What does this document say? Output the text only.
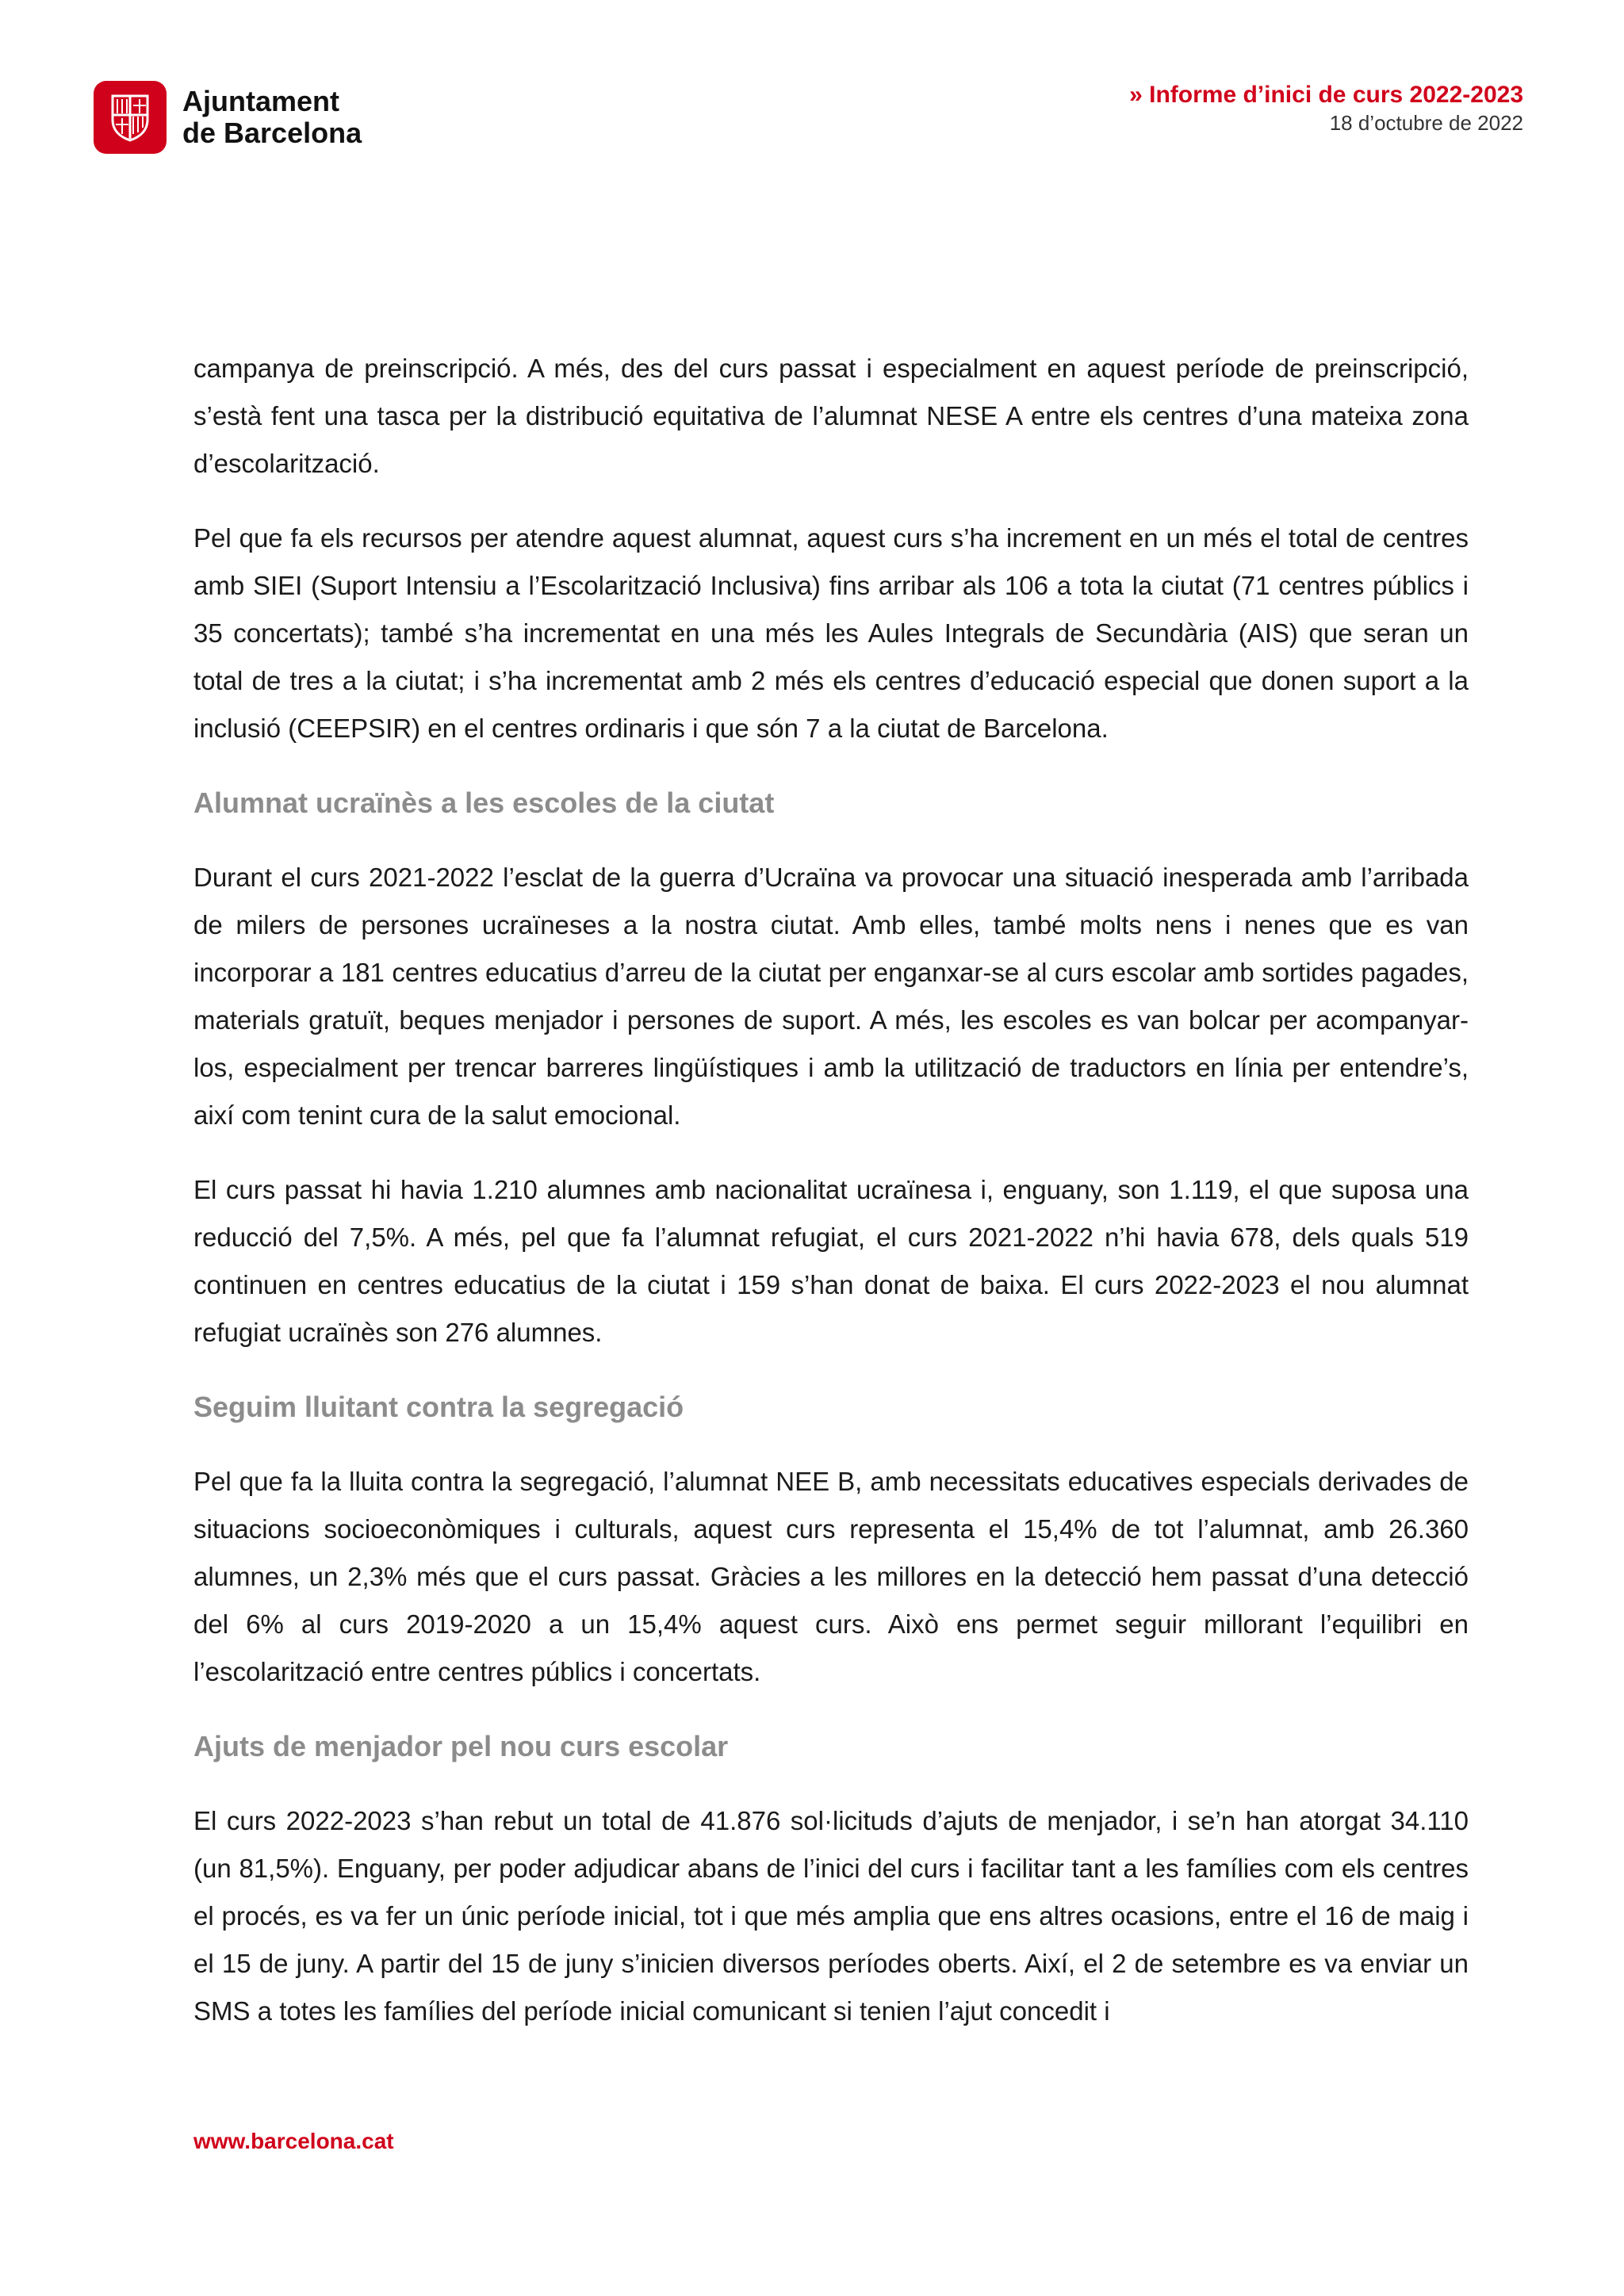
Ajuntament
de Barcelona
» Informe d’inici de curs 2022-2023
18 d’octubre de 2022

campanya de preinscripció. A més, des del curs passat i especialment en aquest període de preinscripció, s’està fent una tasca per la distribució equitativa de l’alumnat NESE A entre els centres d’una mateixa zona d’escolarització.

Pel que fa els recursos per atendre aquest alumnat, aquest curs s’ha increment en un més el total de centres amb SIEI (Suport Intensiu a l’Escolarització Inclusiva) fins arribar als 106 a tota la ciutat (71 centres públics i 35 concertats); també s’ha incrementat en una més les Aules Integrals de Secundària (AIS) que seran un total de tres a la ciutat; i s’ha incrementat amb 2 més els centres d’educació especial que donen suport a la inclusió (CEEPSIR) en el centres ordinaris i que són 7 a la ciutat de Barcelona.

Alumnat ucraïnès a les escoles de la ciutat

Durant el curs 2021-2022 l’esclat de la guerra d’Ucraïna va provocar una situació inesperada amb l’arribada de milers de persones ucraïneses a la nostra ciutat. Amb elles, també molts nens i nenes que es van incorporar a 181 centres educatius d’arreu de la ciutat per enganxar-se al curs escolar amb sortides pagades, materials gratuït, beques menjador i persones de suport. A més, les escoles es van bolcar per acompanyar-los, especialment per trencar barreres lingüístiques i amb la utilització de traductors en línia per entendre’s, així com tenint cura de la salut emocional.

El curs passat hi havia 1.210 alumnes amb nacionalitat ucraïnesa i, enguany, son 1.119, el que suposa una reducció del 7,5%. A més, pel que fa l’alumnat refugiat, el curs 2021-2022 n’hi havia 678, dels quals 519 continuen en centres educatius de la ciutat i 159 s’han donat de baixa. El curs 2022-2023 el nou alumnat refugiat ucraïnès son 276 alumnes.

Seguim lluitant contra la segregació

Pel que fa la lluita contra la segregació, l’alumnat NEE B, amb necessitats educatives especials derivades de situacions socioeconòmiques i culturals, aquest curs representa el 15,4% de tot l’alumnat, amb 26.360 alumnes, un 2,3% més que el curs passat. Gràcies a les millores en la detecció hem passat d’una detecció del 6% al curs 2019-2020 a un 15,4% aquest curs. Això ens permet seguir millorant l’equilibri en l’escolarització entre centres públics i concertats.

Ajuts de menjador pel nou curs escolar

El curs 2022-2023 s’han rebut un total de 41.876 sol·licituds d’ajuts de menjador, i se’n han atorgat 34.110 (un 81,5%). Enguany, per poder adjudicar abans de l’inici del curs i facilitar tant a les famílies com els centres el procés, es va fer un únic període inicial, tot i que més amplia que ens altres ocasions, entre el 16 de maig i el 15 de juny. A partir del 15 de juny s’inicien diversos períodes oberts. Així, el 2 de setembre es va enviar un SMS a totes les famílies del període inicial comunicant si tenien l’ajut concedit i

www.barcelona.cat
